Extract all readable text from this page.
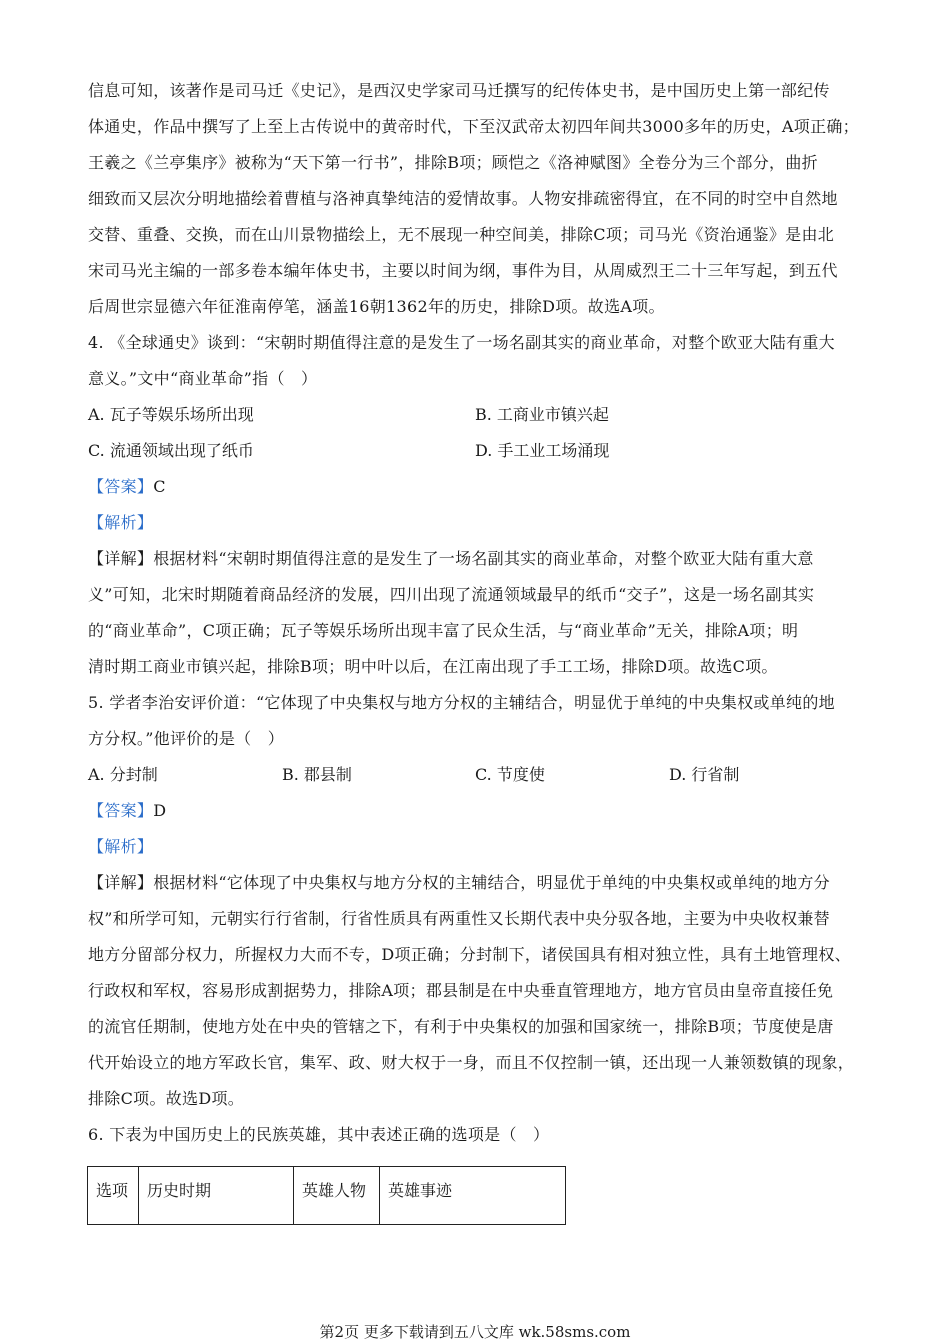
信息可知，该著作是司马迁《史记》，是西汉史学家司马迁撰写的纪传体史书，是中国历史上第一部纪传
体通史，作品中撰写了上至上古传说中的黄帝时代，下至汉武帝太初四年间共3000多年的历史，A项正确；
王羲之《兰亭集序》被称为“天下第一行书”，排除B项；顾恺之《洛神赋图》全卷分为三个部分，曲折
细致而又层次分明地描绘着曹植与洛神真挚纯洁的爱情故事。人物安排疏密得宜，在不同的时空中自然地
交替、重叠、交换，而在山川景物描绘上，无不展现一种空间美，排除C项；司马光《资治通鉴》是由北
宋司马光主编的一部多卷本编年体史书，主要以时间为纲，事件为目，从周威烈王二十三年写起，到五代
后周世宗显德六年征淮南停笔，涵盖16朝1362年的历史，排除D项。故选A项。
4. 《全球通史》谈到：“宋朝时期值得注意的是发生了一场名副其实的商业革命，对整个欧亚大陆有重大
意义。”文中“商业革命”指（　）
A. 瓦子等娱乐场所出现	B. 工商业市镇兴起
C. 流通领域出现了纸币	D. 手工业工场涌现
【答案】C
【解析】
【详解】根据材料“宋朝时期值得注意的是发生了一场名副其实的商业革命，对整个欧亚大陆有重大意
义”可知，北宋时期随着商品经济的发展，四川出现了流通领域最早的纸币“交子”，这是一场名副其实
的“商业革命”，C项正确；瓦子等娱乐场所出现丰富了民众生活，与“商业革命”无关，排除A项；明
清时期工商业市镇兴起，排除B项；明中叶以后，在江南出现了手工工场，排除D项。故选C项。
5. 学者李治安评价道：“它体现了中央集权与地方分权的主辅结合，明显优于单纯的中央集权或单纯的地
方分权。”他评价的是（　）
A. 分封制	B. 郡县制	C. 节度使	D. 行省制
【答案】D
【解析】
【详解】根据材料“它体现了中央集权与地方分权的主辅结合，明显优于单纯的中央集权或单纯的地方分
权”和所学可知，元朝实行行省制，行省性质具有两重性又长期代表中央分驭各地，主要为中央收权兼替
地方分留部分权力，所握权力大而不专，D项正确；分封制下，诸侯国具有相对独立性，具有土地管理权、
行政权和军权，容易形成割据势力，排除A项；郡县制是在中央垂直管理地方，地方官员由皇帝直接任免
的流官任期制，使地方处在中央的管辖之下，有利于中央集权的加强和国家统一，排除B项；节度使是唐
代开始设立的地方军政长官，集军、政、财大权于一身，而且不仅控制一镇，还出现一人兼领数镇的现象，
排除C项。故选D项。
6. 下表为中国历史上的民族英雄，其中表述正确的选项是（　）
选项	历史时期	英雄人物	英雄事迹
第2页 更多下载请到五八文库 wk.58sms.com
